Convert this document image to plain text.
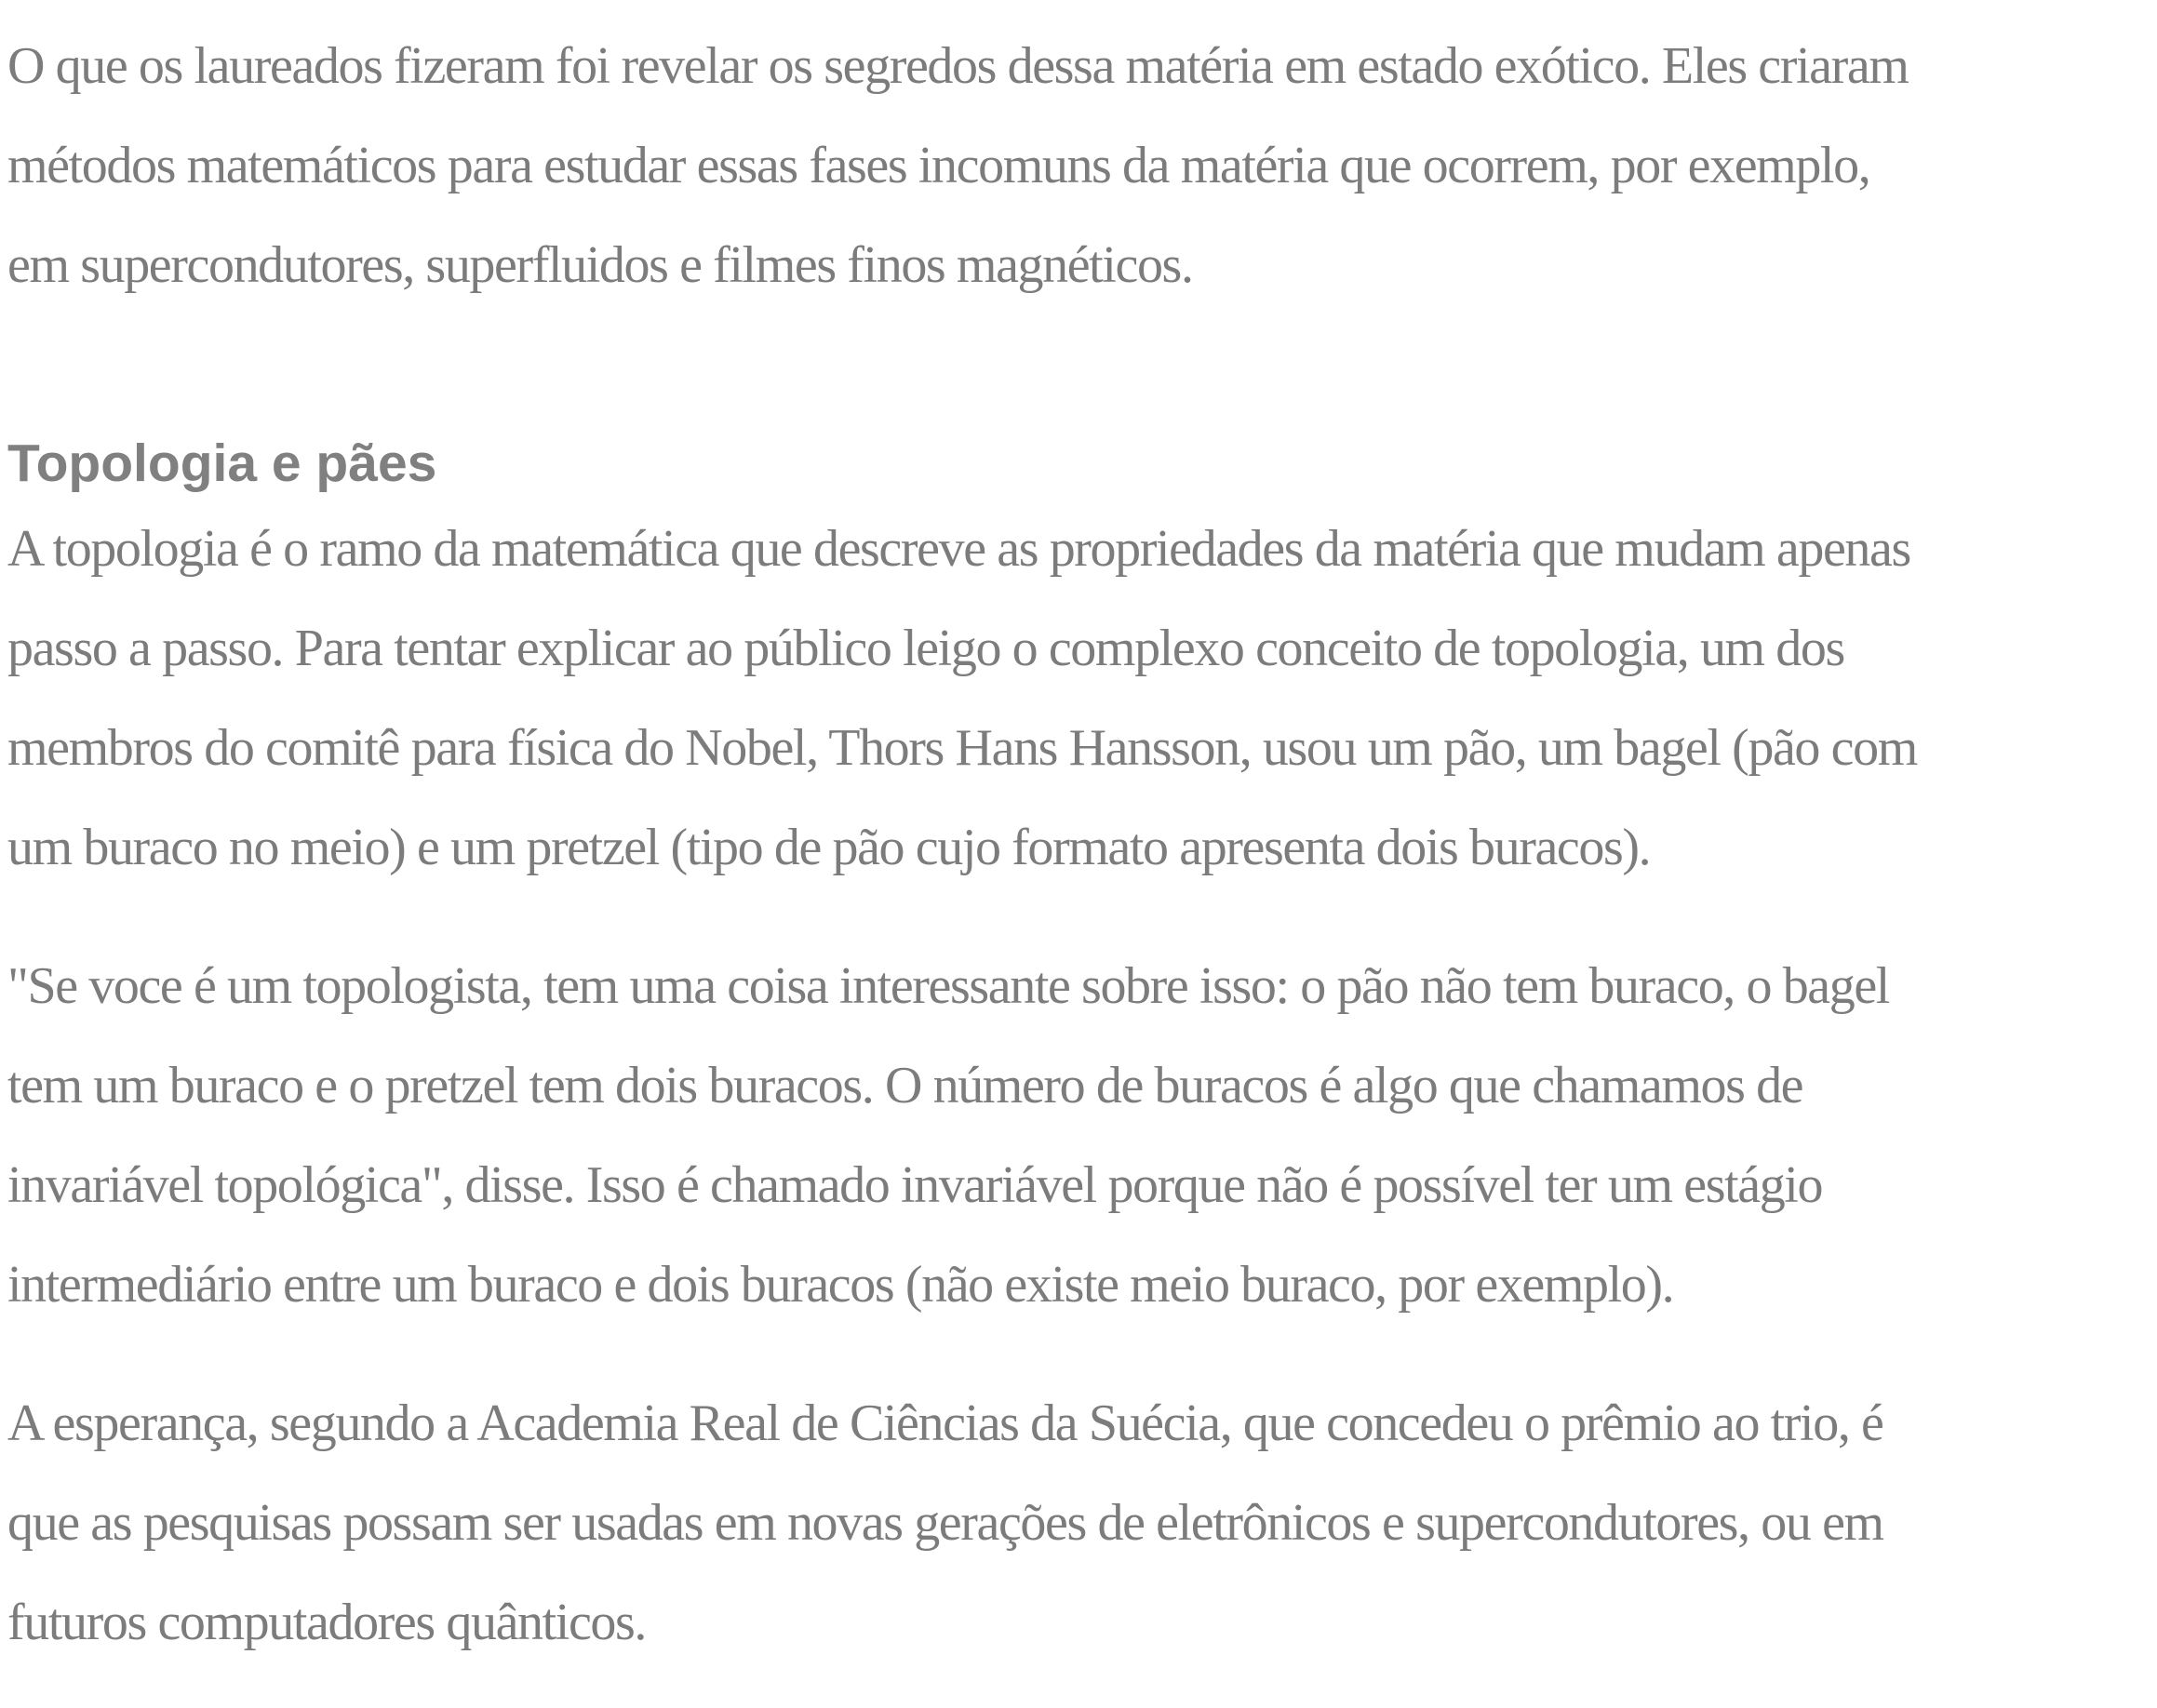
O que os laureados fizeram foi revelar os segredos dessa matéria em estado exótico. Eles criaram
métodos matemáticos para estudar essas fases incomuns da matéria que ocorrem, por exemplo,
em supercondutores, superfluidos e filmes finos magnéticos.

Topologia e pães

A topologia é o ramo da matemática que descreve as propriedades da matéria que mudam apenas
passo a passo. Para tentar explicar ao público leigo o complexo conceito de topologia, um dos
membros do comitê para física do Nobel, Thors Hans Hansson, usou um pão, um bagel (pão com
um buraco no meio) e um pretzel (tipo de pão cujo formato apresenta dois buracos).

"Se voce é um topologista, tem uma coisa interessante sobre isso: o pão não tem buraco, o bagel
tem um buraco e o pretzel tem dois buracos. O número de buracos é algo que chamamos de
invariável topológica", disse. Isso é chamado invariável porque não é possível ter um estágio
intermediário entre um buraco e dois buracos (não existe meio buraco, por exemplo).

A esperança, segundo a Academia Real de Ciências da Suécia, que concedeu o prêmio ao trio, é
que as pesquisas possam ser usadas em novas gerações de eletrônicos e supercondutores, ou em
futuros computadores quânticos.
